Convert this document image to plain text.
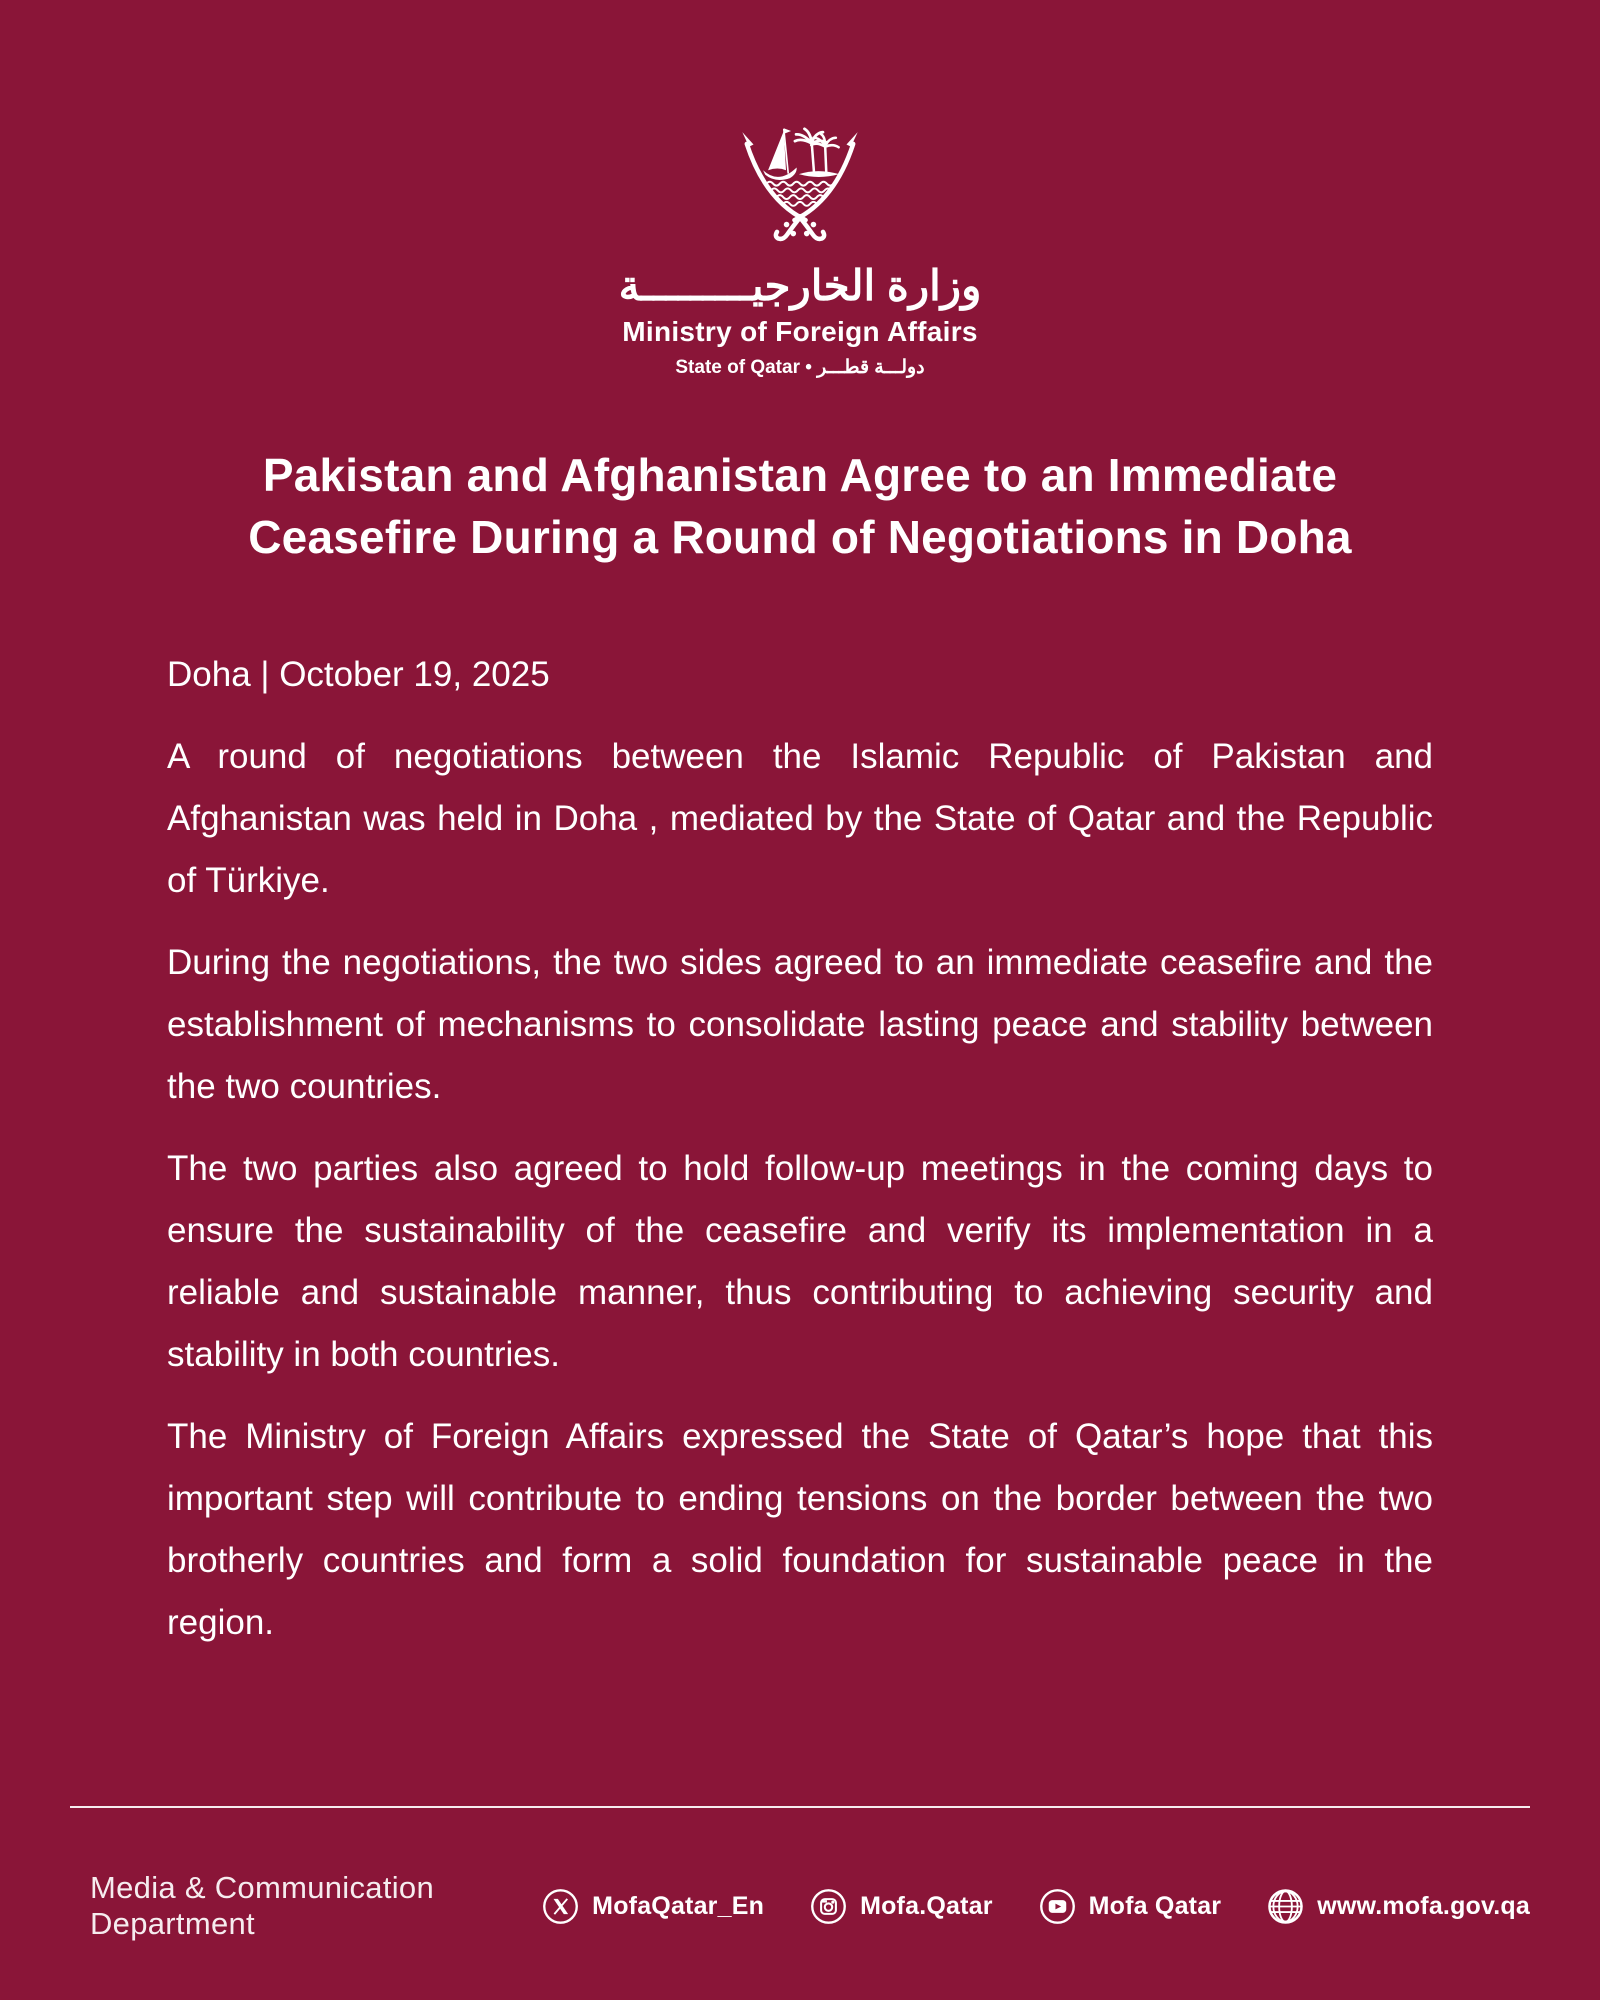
وزارة الخارجيـــــــــة
Ministry of Foreign Affairs
State of Qatar • دولـــة قطـــر
Pakistan and Afghanistan Agree to an Immediate Ceasefire During a Round of Negotiations in Doha

Doha | October 19, 2025

A round of negotiations between the Islamic Republic of Pakistan and Afghanistan was held in Doha , mediated by the State of Qatar and the Republic of Türkiye.

During the negotiations, the two sides agreed to an immediate ceasefire and the establishment of mechanisms to consolidate lasting peace and stability between the two countries.

The two parties also agreed to hold follow-up meetings in the coming days to ensure the sustainability of the ceasefire and verify its implementation in a reliable and sustainable manner, thus contributing to achieving security and stability in both countries.

The Ministry of Foreign Affairs expressed the State of Qatar’s hope that this important step will contribute to ending tensions on the border between the two brotherly countries and form a solid foundation for sustainable peace in the region.

Media & Communication Department
MofaQatar_En	Mofa.Qatar	Mofa Qatar	www.mofa.gov.qa
